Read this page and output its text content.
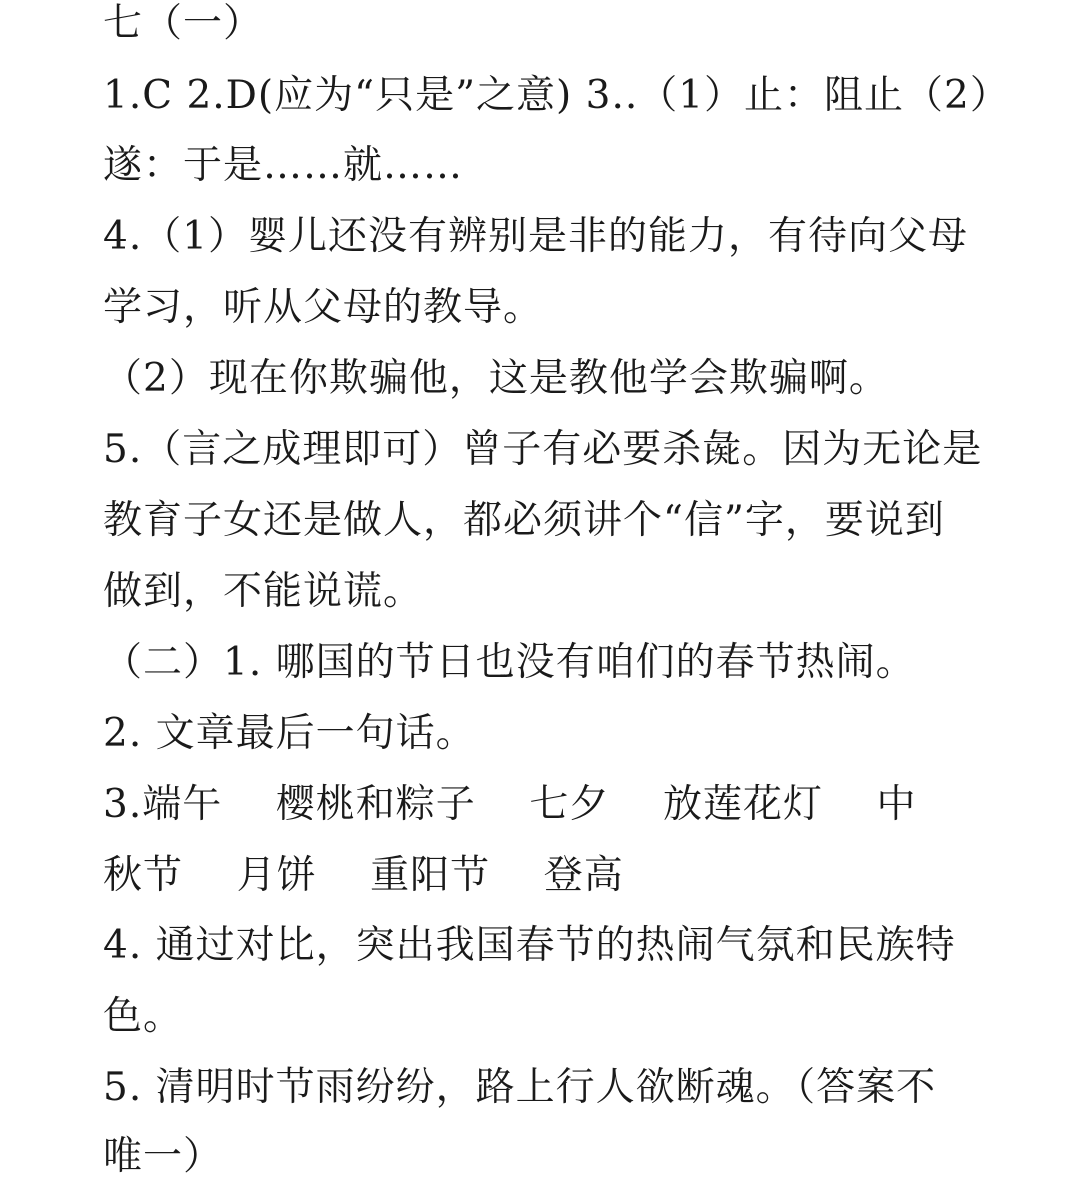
七（一）
1.C 2.D(应为“只是”之意) 3..（1）止：阻止（2）
遂：于是……就……
4.（1）婴儿还没有辨别是非的能力，有待向父母
学习，听从父母的教导。
（2）现在你欺骗他，这是教他学会欺骗啊。
5.（言之成理即可）曾子有必要杀彘。因为无论是
教育子女还是做人，都必须讲个“信”字，要说到
做到，不能说谎。
（二）1. 哪国的节日也没有咱们的春节热闹。
2. 文章最后一句话。
3.端午    樱桃和粽子    七夕    放莲花灯    中
秋节    月饼    重阳节    登高
4. 通过对比，突出我国春节的热闹气氛和民族特
色。
5. 清明时节雨纷纷，路上行人欲断魂。（答案不
唯一）
